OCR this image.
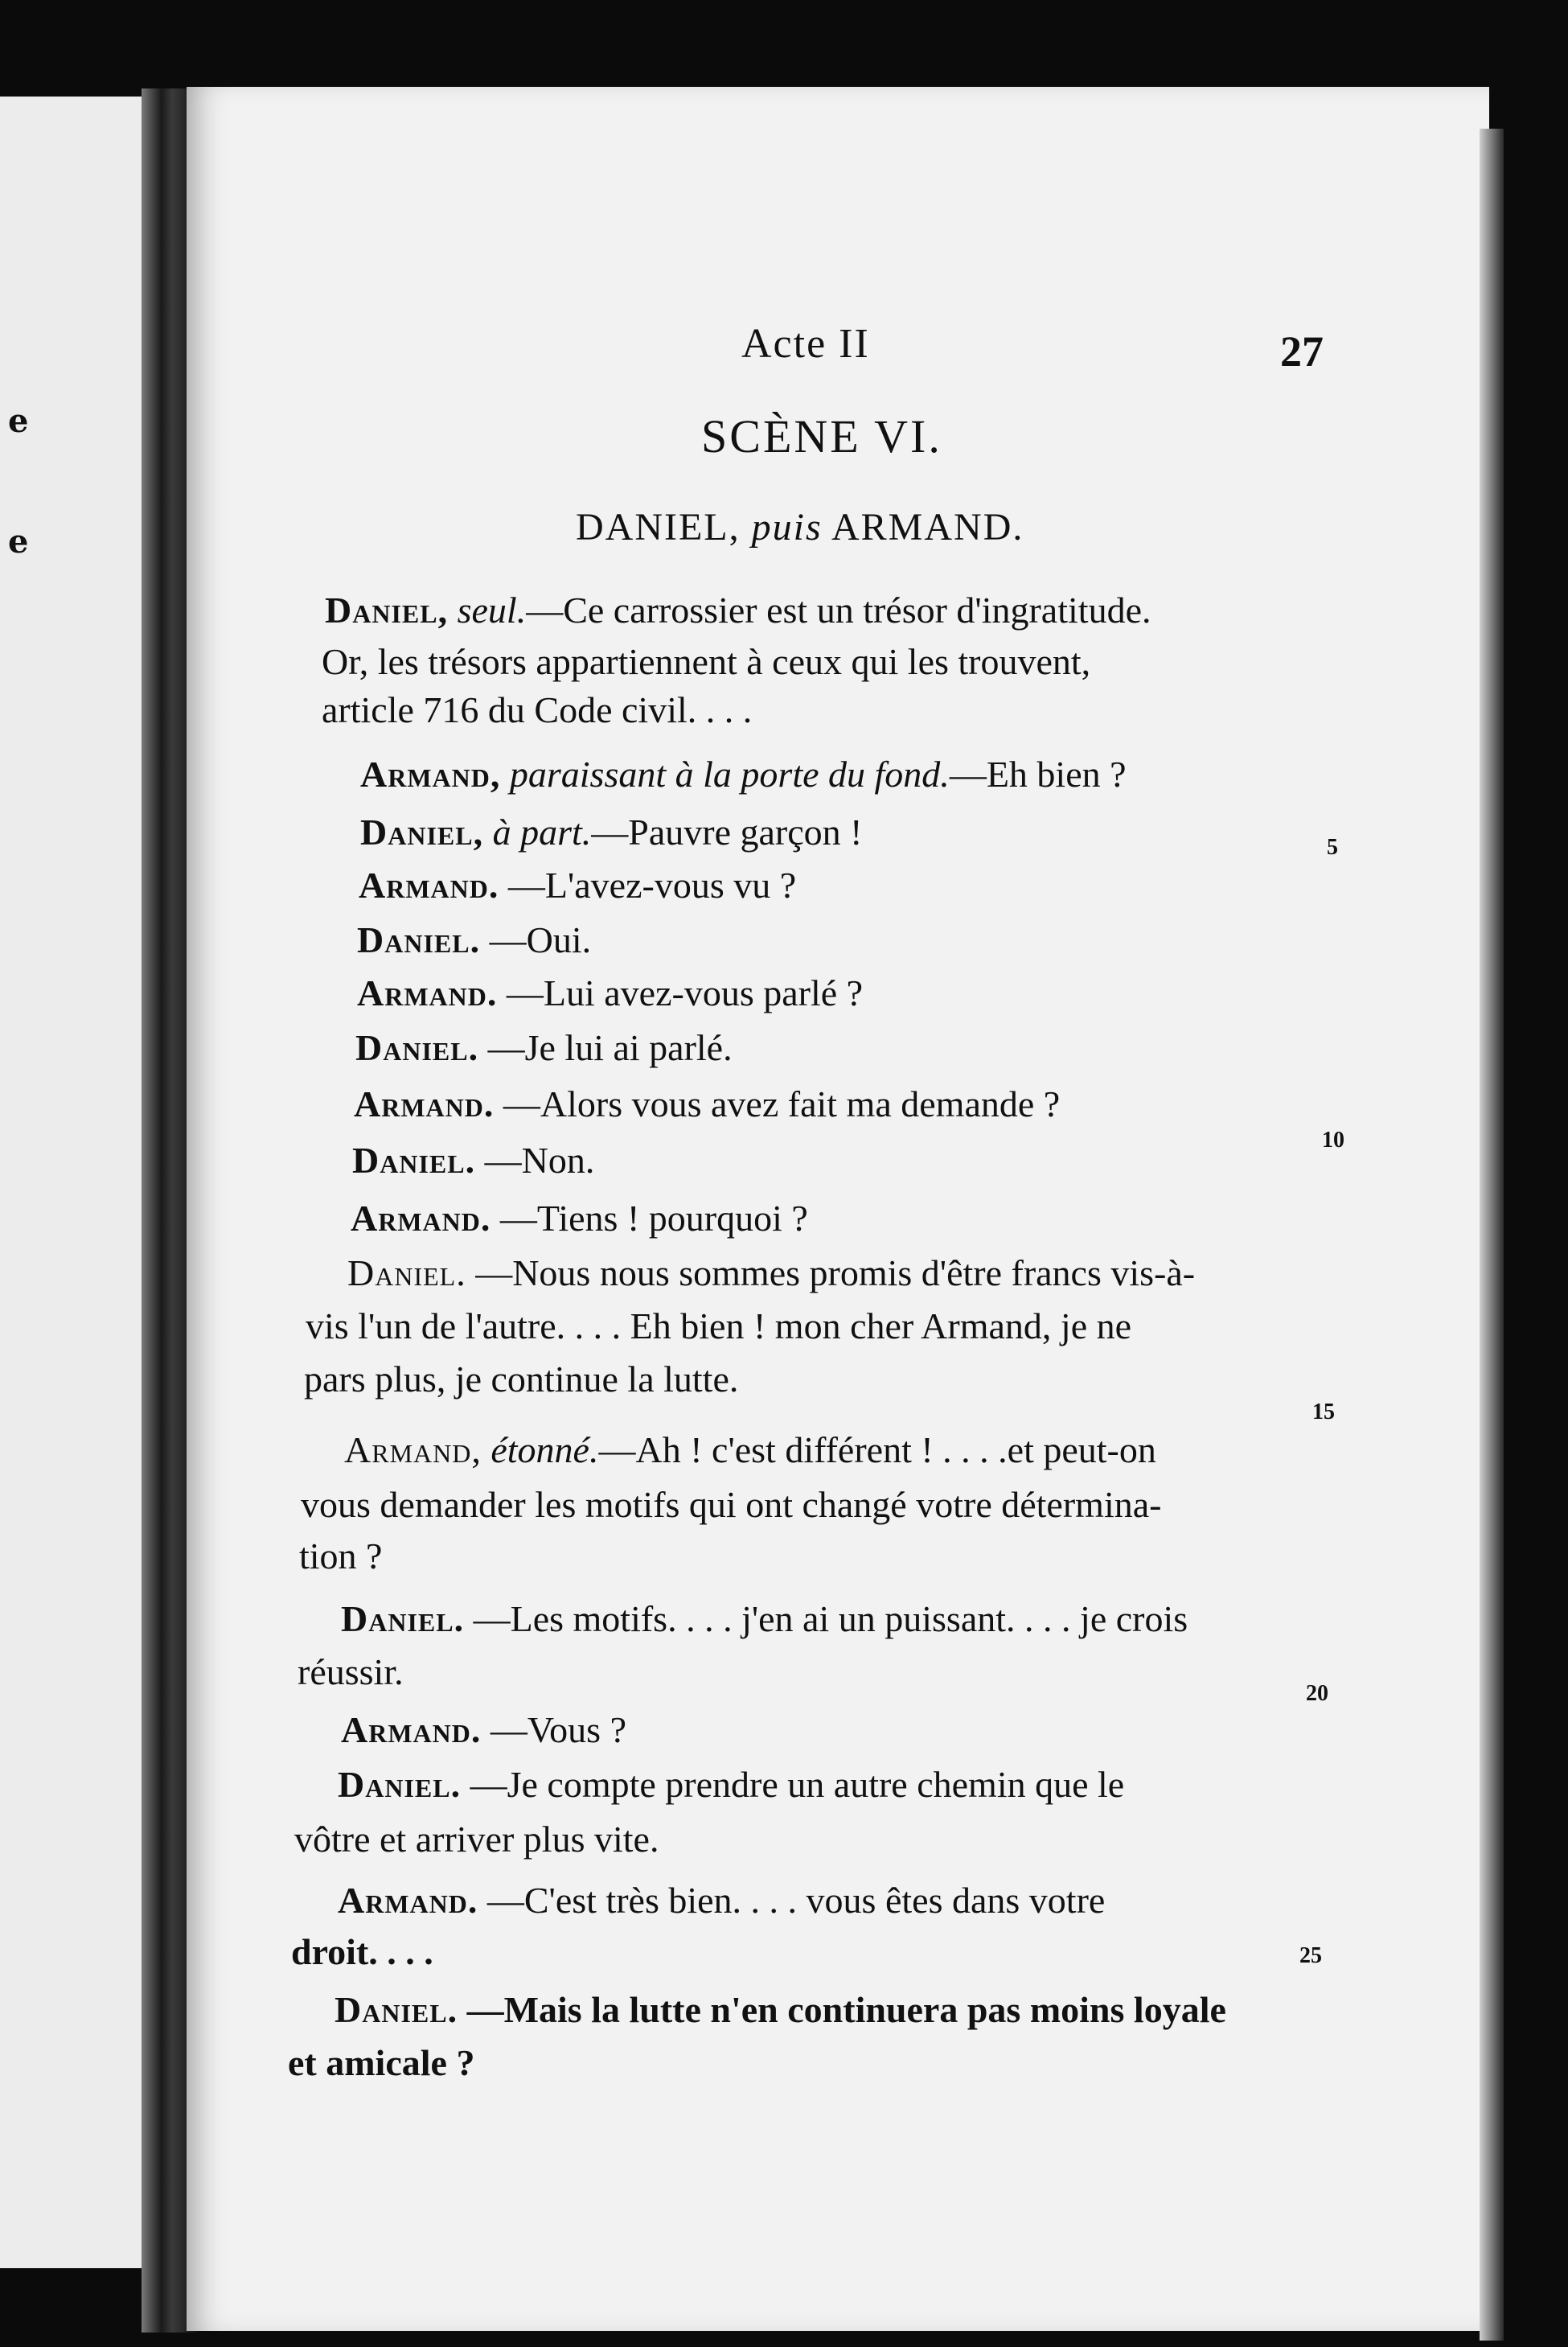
e
e
Acte II	27
SCÈNE VI.
DANIEL, puis ARMAND.
Daniel, seul.—Ce carrossier est un trésor d'ingratitude.
Or, les trésors appartiennent à ceux qui les trouvent,
article 716 du Code civil. . . .
Armand, paraissant à la porte du fond.—Eh bien ?
Daniel, à part.—Pauvre garçon !
Armand. —L'avez-vous vu ?
Daniel. —Oui.
Armand. —Lui avez-vous parlé ?
Daniel. —Je lui ai parlé.
Armand. —Alors vous avez fait ma demande ?
Daniel. —Non.
Armand. —Tiens ! pourquoi ?
Daniel. —Nous nous sommes promis d'être francs vis-à-
vis l'un de l'autre. . . . Eh bien ! mon cher Armand, je ne
pars plus, je continue la lutte.
Armand, étonné.—Ah ! c'est différent ! . . . .et peut-on
vous demander les motifs qui ont changé votre détermina-
tion ?
Daniel. —Les motifs. . . . j'en ai un puissant. . . . je crois
réussir.
Armand. —Vous ?
Daniel. —Je compte prendre un autre chemin que le
vôtre et arriver plus vite.
Armand. —C'est très bien. . . . vous êtes dans votre
droit. . . .
Daniel. —Mais la lutte n'en continuera pas moins loyale
et amicale ?
5
10
15
20
25
